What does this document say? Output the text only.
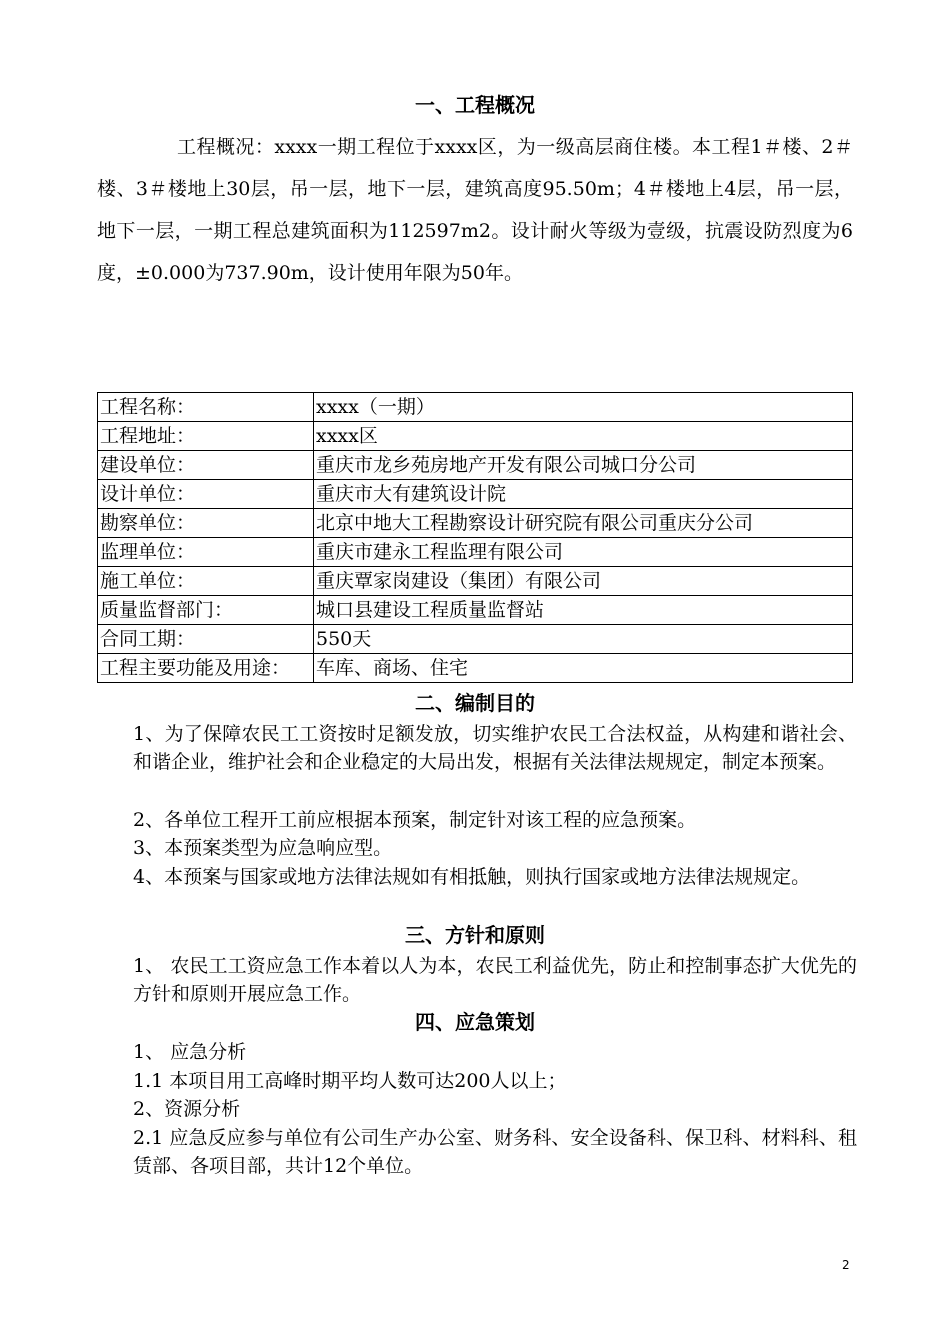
一、工程概况

工程概况：xxxx一期工程位于xxxx区，为一级高层商住楼。本工程1＃楼、2＃楼、3＃楼地上30层，吊一层，地下一层，建筑高度95.50m；4＃楼地上4层，吊一层，地下一层，一期工程总建筑面积为112597m2。设计耐火等级为壹级，抗震设防烈度为6度，±0.000为737.90m，设计使用年限为50年。

工程名称：	xxxx（一期）
工程地址：	xxxx区
建设单位：	重庆市龙乡苑房地产开发有限公司城口分公司
设计单位：	重庆市大有建筑设计院
勘察单位：	北京中地大工程勘察设计研究院有限公司重庆分公司
监理单位：	重庆市建永工程监理有限公司
施工单位：	重庆覃家岗建设（集团）有限公司
质量监督部门：	城口县建设工程质量监督站
合同工期：	550天
工程主要功能及用途：	车库、商场、住宅
二、编制目的

1、为了保障农民工工资按时足额发放，切实维护农民工合法权益，从构建和谐社会、和谐企业，维护社会和企业稳定的大局出发，根据有关法律法规规定，制定本预案。

2、各单位工程开工前应根据本预案，制定针对该工程的应急预案。

3、本预案类型为应急响应型。

4、本预案与国家或地方法律法规如有相抵触，则执行国家或地方法律法规规定。

三、方针和原则

1、 农民工工资应急工作本着以人为本，农民工利益优先，防止和控制事态扩大优先的方针和原则开展应急工作。

四、应急策划

1、 应急分析

1.1 本项目用工高峰时期平均人数可达200人以上；

2、资源分析

2.1 应急反应参与单位有公司生产办公室、财务科、安全设备科、保卫科、材料科、租赁部、各项目部，共计12个单位。

2
